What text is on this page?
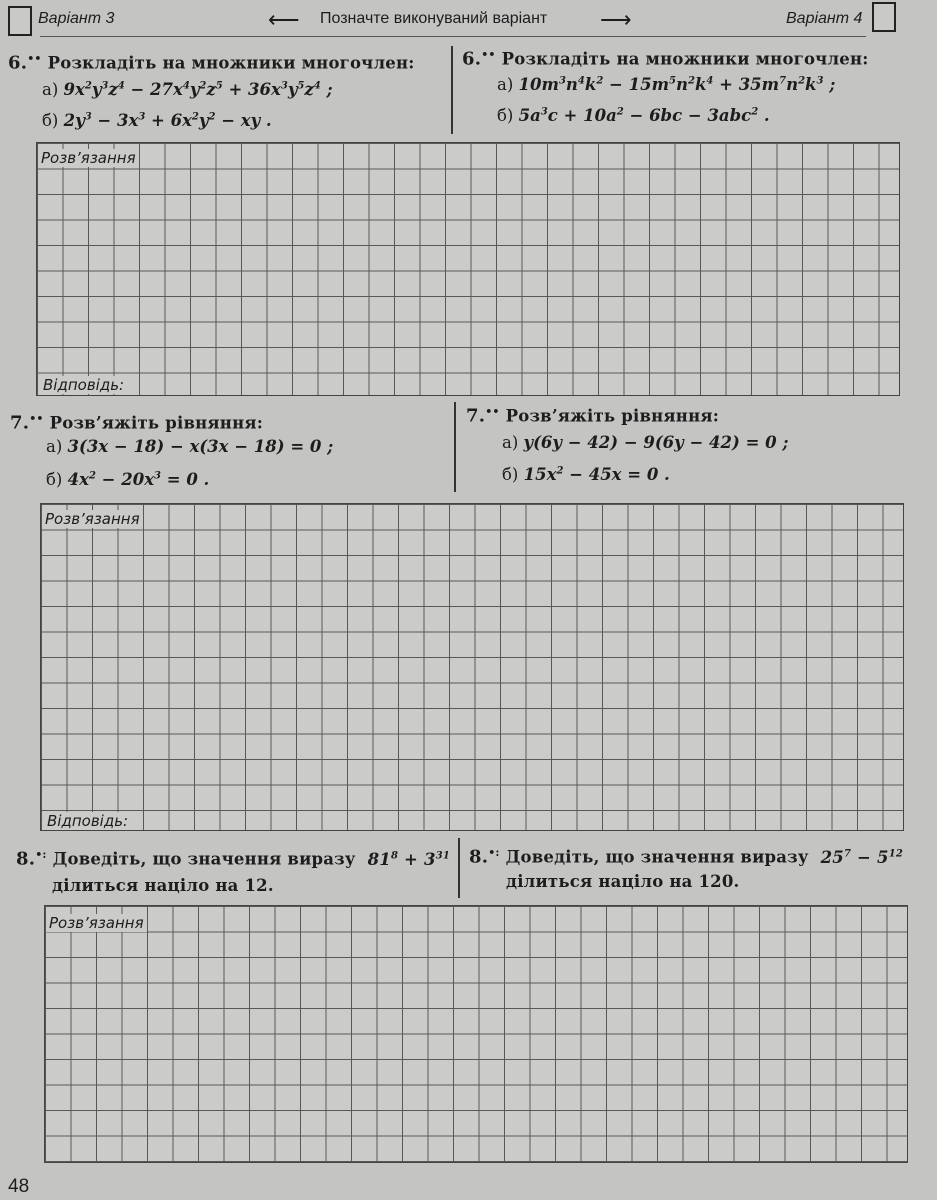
Варіант 3	⟵ Позначте виконуваний варіант ⟶	Варіант 4
6.•• Розкладіть на множники многочлен:
а) $9x^2y^3z^4 - 27x^4y^2z^5 + 36x^3y^5z^4$ ;
б) $2y^3 - 3x^3 + 6x^2y^2$ − xy .
6.•• Розкладіть на множники многочлен:
а) $10m^3n^4k^2 - 15m^5n^2k^4 + 35m^7n^2k^3$ ;
б) $5a^3c + 10a^2 - 6bc - 3abc^2$ .
Розв’язання
Відповідь:
7.•• Розв’яжіть рівняння:
а) 3(3x − 18) − x(3x − 18) = 0 ;
б) $4x^2 - 20x^3 = 0$ .
7.•• Розв’яжіть рівняння:
а) y(6y − 42) − 9(6y − 42) = 0 ;
б) $15x^2 - 45x = 0$ .
Розв’язання
Відповідь:
8.•: Доведіть, що значення виразу  $81^8 + 3^{31}$
ділиться націло на 12.
8.•: Доведіть, що значення виразу  $25^7 - 5^{12}$
ділиться націло на 120.
Розв’язання
48
